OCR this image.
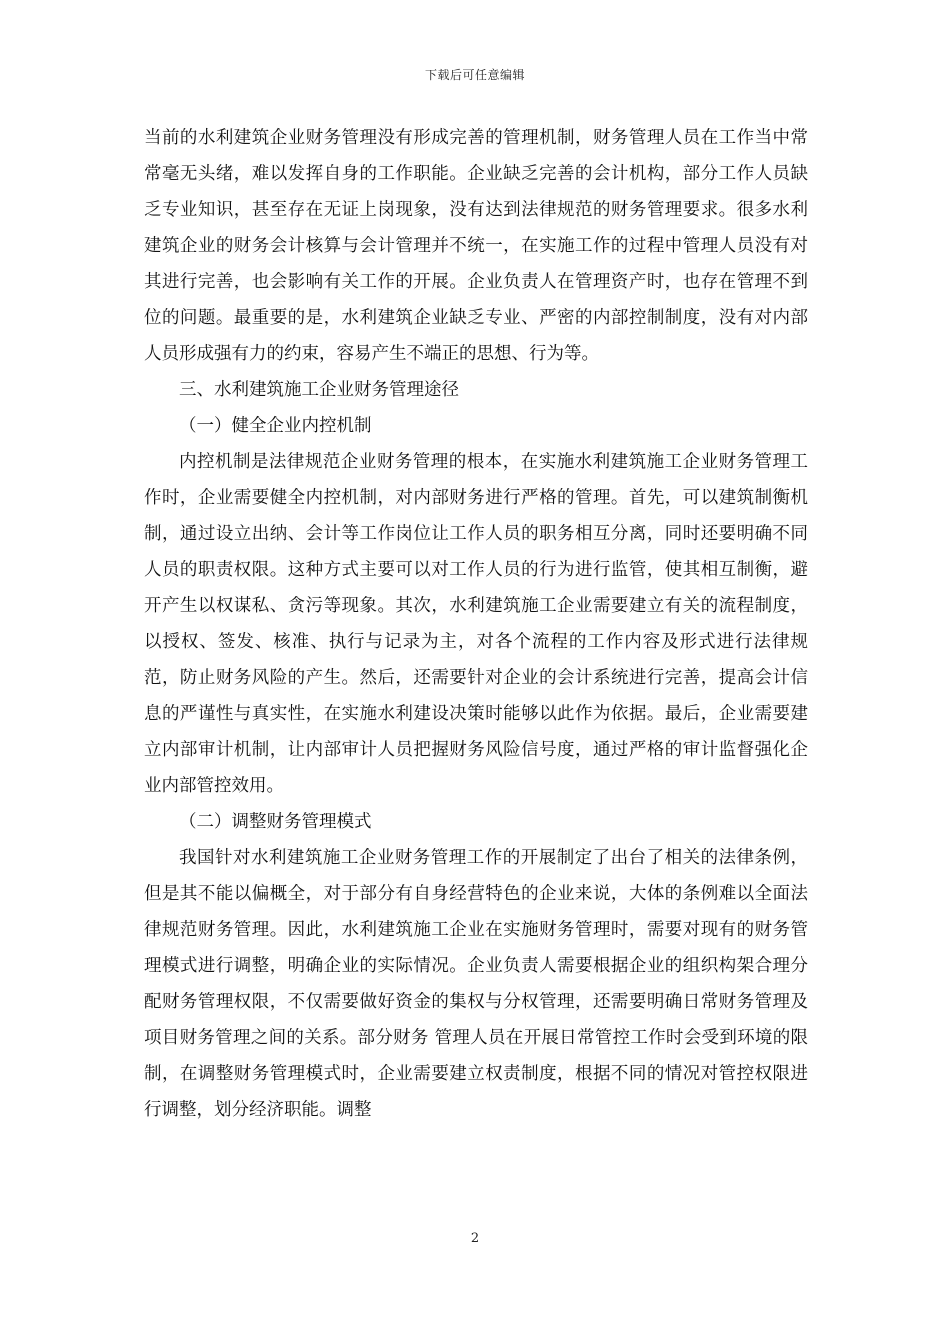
下载后可任意编辑

当前的水利建筑企业财务管理没有形成完善的管理机制，财务管理人员在工作当中常常毫无头绪，难以发挥自身的工作职能。企业缺乏完善的会计机构，部分工作人员缺乏专业知识，甚至存在无证上岗现象，没有达到法律规范的财务管理要求。很多水利建筑企业的财务会计核算与会计管理并不统一，在实施工作的过程中管理人员没有对其进行完善，也会影响有关工作的开展。企业负责人在管理资产时，也存在管理不到位的问题。最重要的是，水利建筑企业缺乏专业、严密的内部控制制度，没有对内部人员形成强有力的约束，容易产生不端正的思想、行为等。

三、水利建筑施工企业财务管理途径

（一）健全企业内控机制

内控机制是法律规范企业财务管理的根本，在实施水利建筑施工企业财务管理工作时，企业需要健全内控机制，对内部财务进行严格的管理。首先，可以建筑制衡机制，通过设立出纳、会计等工作岗位让工作人员的职务相互分离，同时还要明确不同人员的职责权限。这种方式主要可以对工作人员的行为进行监管，使其相互制衡，避开产生以权谋私、贪污等现象。其次，水利建筑施工企业需要建立有关的流程制度，以授权、签发、核准、执行与记录为主，对各个流程的工作内容及形式进行法律规范，防止财务风险的产生。然后，还需要针对企业的会计系统进行完善，提高会计信息的严谨性与真实性，在实施水利建设决策时能够以此作为依据。最后，企业需要建立内部审计机制，让内部审计人员把握财务风险信号度，通过严格的审计监督强化企业内部管控效用。

（二）调整财务管理模式

我国针对水利建筑施工企业财务管理工作的开展制定了出台了相关的法律条例，但是其不能以偏概全，对于部分有自身经营特色的企业来说，大体的条例难以全面法律规范财务管理。因此，水利建筑施工企业在实施财务管理时，需要对现有的财务管理模式进行调整，明确企业的实际情况。企业负责人需要根据企业的组织构架合理分配财务管理权限，不仅需要做好资金的集权与分权管理，还需要明确日常财务管理及项目财务管理之间的关系。部分财务 管理人员在开展日常管控工作时会受到环境的限制，在调整财务管理模式时，企业需要建立权责制度，根据不同的情况对管控权限进行调整，划分经济职能。调整

2
